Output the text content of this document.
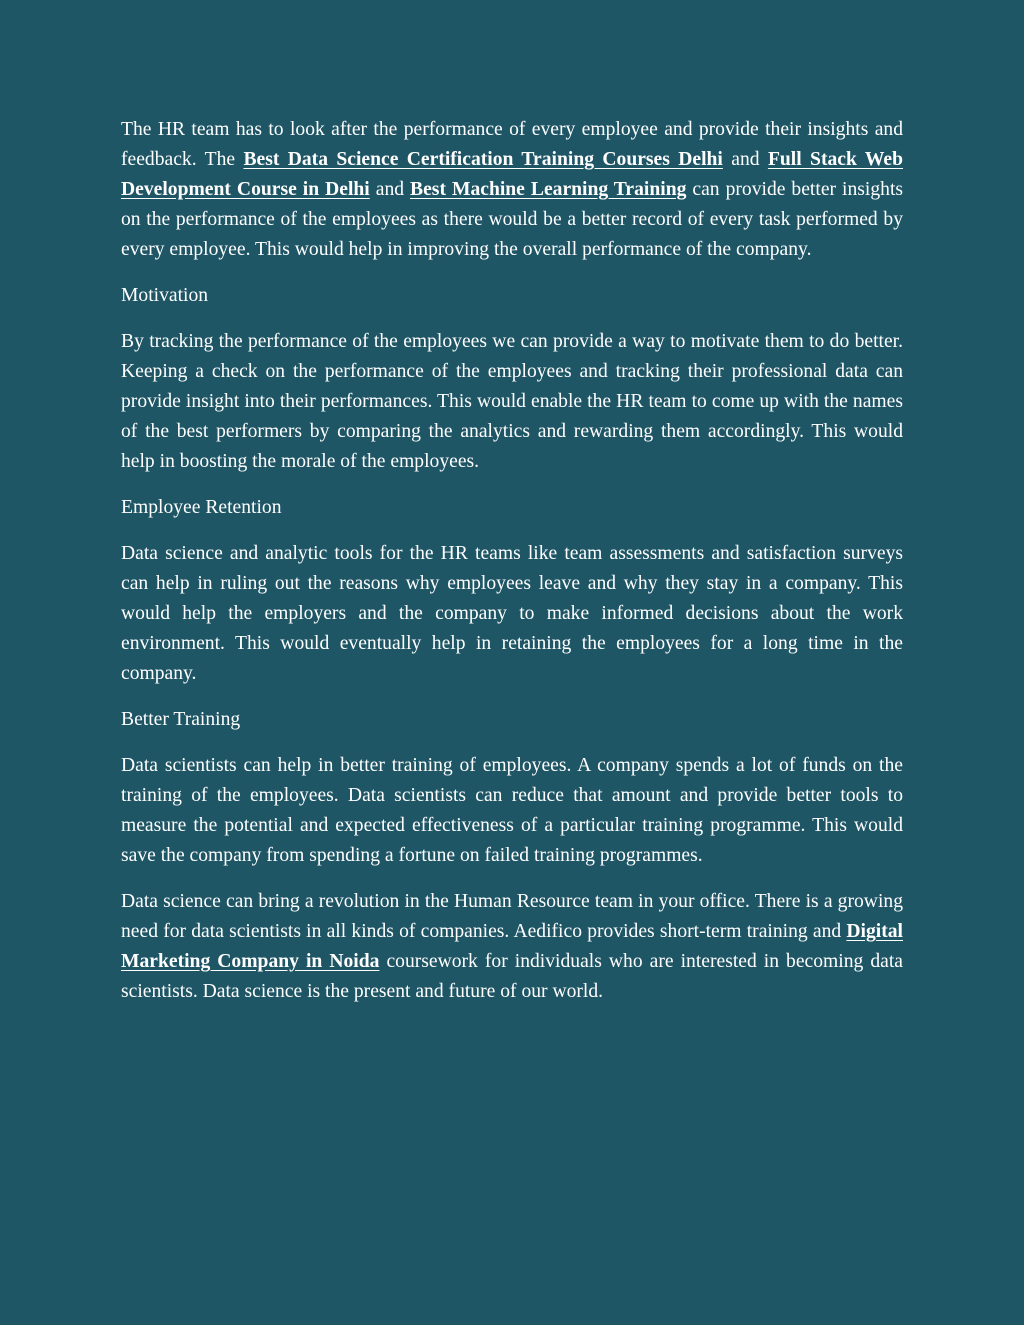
The HR team has to look after the performance of every employee and provide their insights and feedback. The Best Data Science Certification Training Courses Delhi and Full Stack Web Development Course in Delhi and Best Machine Learning Training can provide better insights on the performance of the employees as there would be a better record of every task performed by every employee. This would help in improving the overall performance of the company.

Motivation

By tracking the performance of the employees we can provide a way to motivate them to do better. Keeping a check on the performance of the employees and tracking their professional data can provide insight into their performances. This would enable the HR team to come up with the names of the best performers by comparing the analytics and rewarding them accordingly. This would help in boosting the morale of the employees.

Employee Retention

Data science and analytic tools for the HR teams like team assessments and satisfaction surveys can help in ruling out the reasons why employees leave and why they stay in a company. This would help the employers and the company to make informed decisions about the work environment. This would eventually help in retaining the employees for a long time in the company.

Better Training

Data scientists can help in better training of employees. A company spends a lot of funds on the training of the employees. Data scientists can reduce that amount and provide better tools to measure the potential and expected effectiveness of a particular training programme. This would save the company from spending a fortune on failed training programmes.

Data science can bring a revolution in the Human Resource team in your office. There is a growing need for data scientists in all kinds of companies. Aedifico provides short-term training and Digital Marketing Company in Noida coursework for individuals who are interested in becoming data scientists. Data science is the present and future of our world.
